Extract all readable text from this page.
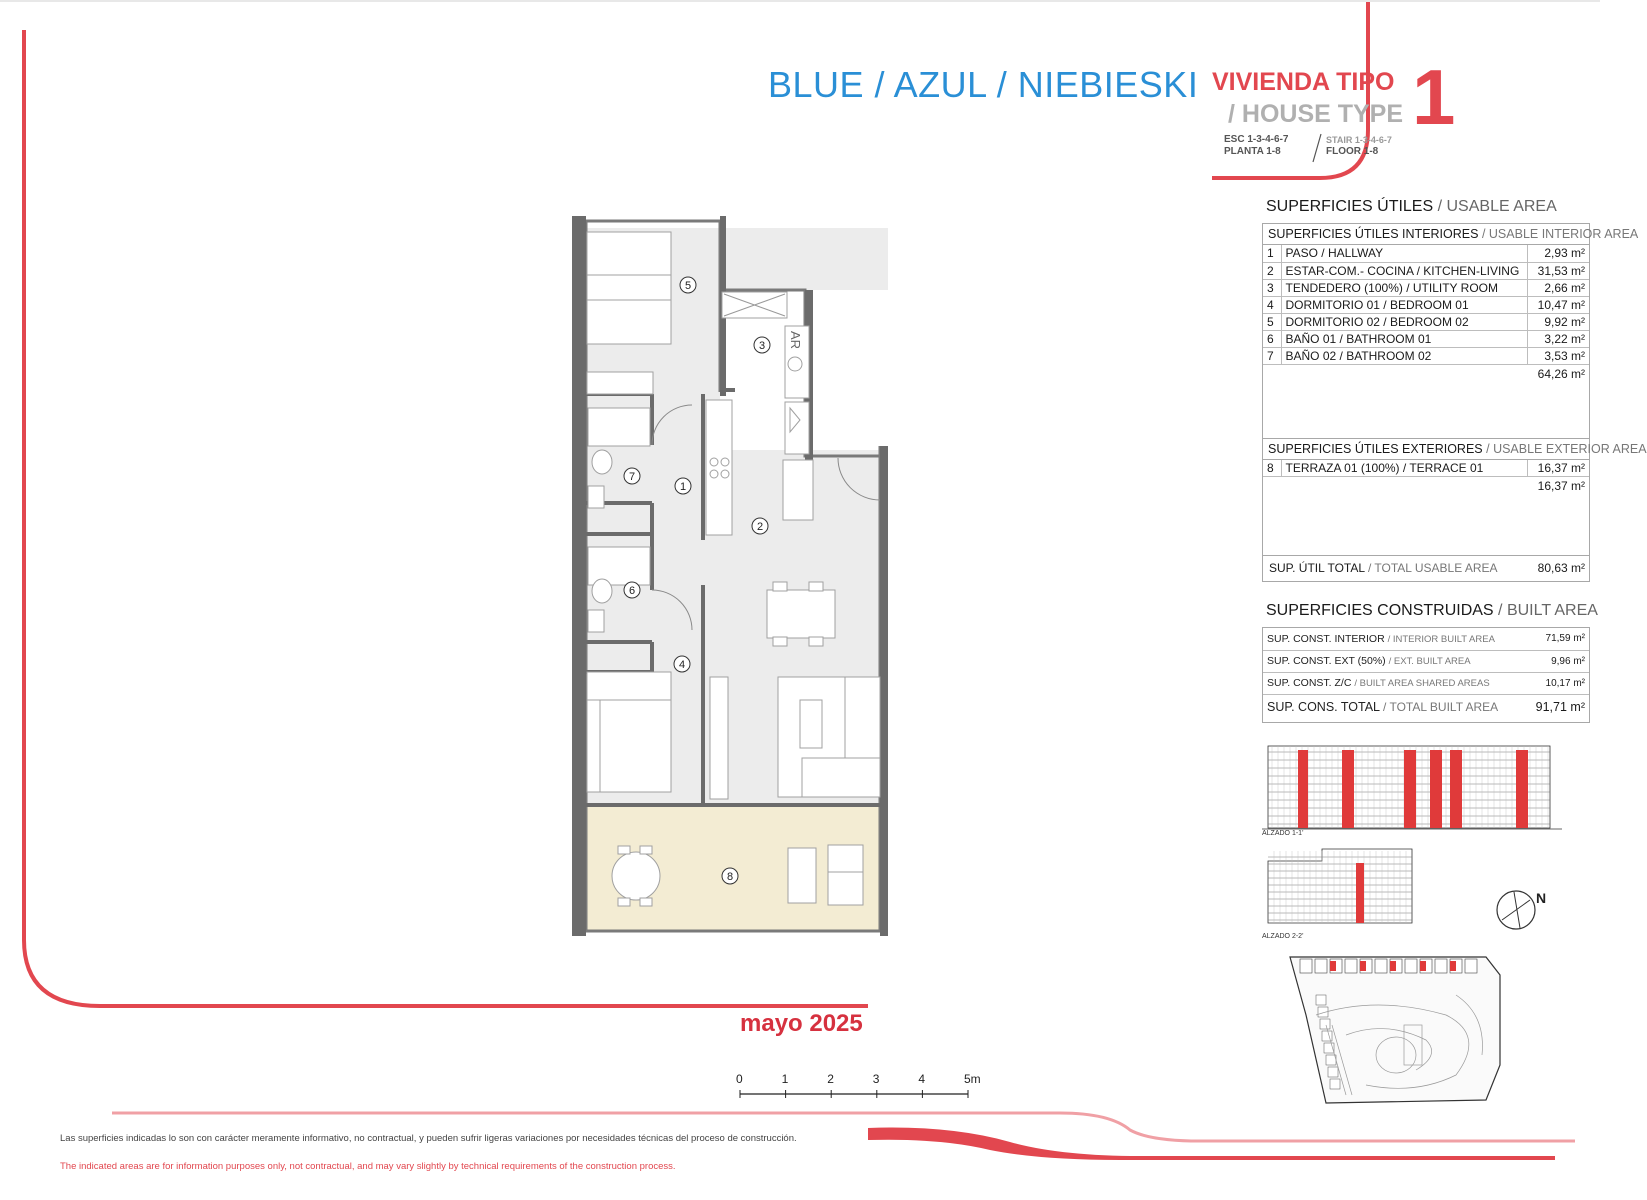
BLUE / AZUL / NIEBIESKI VIVIENDA TIPO
/ HOUSE TYPE 1
ESC 1-3-4-6-7
PLANTA 1-8
STAIR 1-3-4-6-7
FLOOR 1-8
SUPERFICIES ÚTILES / USABLE AREA
SUPERFICIES ÚTILES INTERIORES / USABLE INTERIOR AREA
1	PASO / HALLWAY	2,93 m²
2	ESTAR-COM.- COCINA / KITCHEN-LIVING	31,53 m²
3	TENDEDERO (100%) / UTILITY ROOM	2,66 m²
4	DORMITORIO 01 / BEDROOM 01	10,47 m²
5	DORMITORIO 02 / BEDROOM 02	9,92 m²
6	BAÑO 01 / BATHROOM 01	3,22 m²
7	BAÑO 02 / BATHROOM 02	3,53 m²
64,26 m²
SUPERFICIES ÚTILES EXTERIORES / USABLE EXTERIOR AREA
8	TERRAZA 01 (100%) / TERRACE 01	16,37 m²
16,37 m²
SUP. ÚTIL TOTAL / TOTAL USABLE AREA	80,63 m²
SUPERFICIES CONSTRUIDAS / BUILT AREA
SUP. CONST. INTERIOR / INTERIOR BUILT AREA	71,59 m²
SUP. CONST. EXT (50%) / EXT. BUILT AREA	9,96 m²
SUP. CONST. Z/C / BUILT AREA SHARED AREAS	10,17 m²
SUP. CONS. TOTAL / TOTAL BUILT AREA	91,71 m²
AR
1
2
3
4
5
6
7
8
ALZADO 1-1'
ALZADO 2-2'
N
0	1	2	3	4	5m
mayo 2025
Las superficies indicadas lo son con carácter meramente informativo, no contractual, y pueden sufrir ligeras variaciones por necesidades técnicas del proceso de construcción.
The indicated areas are for information purposes only, not contractual, and may vary slightly by technical requirements of the construction process.
